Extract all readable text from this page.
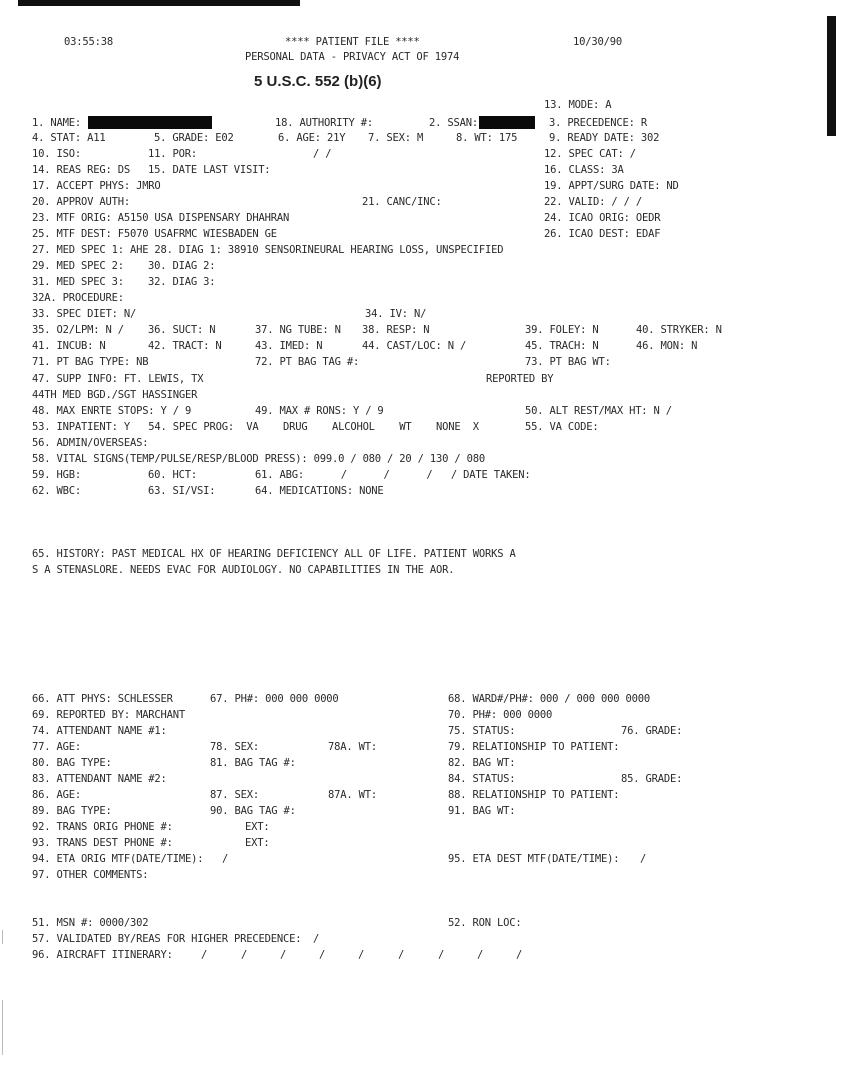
03:55:38	**** PATIENT FILE ****	10/30/90
PERSONAL DATA - PRIVACY ACT OF 1974
5 U.S.C. 552 (b)(6)
13. MODE: A
1. NAME:	18. AUTHORITY #:	2. SSAN:	3. PRECEDENCE: R
4. STAT: A11	5. GRADE: E02	6. AGE: 21Y 7. SEX: M	8. WT: 175	9. READY DATE: 302
10. ISO:	11. POR:	/ /	12. SPEC CAT: /
14. REAS REG: DS 15. DATE LAST VISIT:	16. CLASS: 3A
17. ACCEPT PHYS: JMRO	19. APPT/SURG DATE: ND
20. APPROV AUTH:	21. CANC/INC:	22. VALID: / / /
23. MTF ORIG: A5150 USA DISPENSARY DHAHRAN	24. ICAO ORIG: OEDR
25. MTF DEST: F5070 USAFRMC WIESBADEN GE	26. ICAO DEST: EDAF
27. MED SPEC 1: AHE 28. DIAG 1: 38910 SENSORINEURAL HEARING LOSS, UNSPECIFIED
29. MED SPEC 2: 30. DIAG 2:
31. MED SPEC 3: 32. DIAG 3:
32A. PROCEDURE:
33. SPEC DIET: N/	34. IV: N/
35. O2/LPM: N / 36. SUCT: N	37. NG TUBE: N 38. RESP: N	39. FOLEY: N	40. STRYKER: N
41. INCUB: N	42. TRACT: N	43. IMED: N	44. CAST/LOC: N /	45. TRACH: N	46. MON: N
71. PT BAG TYPE: NB	72. PT BAG TAG #:	73. PT BAG WT:
47. SUPP INFO: FT. LEWIS, TX	REPORTED BY
44TH MED BGD./SGT HASSINGER
48. MAX ENRTE STOPS: Y / 9	49. MAX # RONS: Y / 9	50. ALT REST/MAX HT: N /
53. INPATIENT: Y   54. SPEC PROG:  VA    DRUG    ALCOHOL    WT    NONE  X	55. VA CODE:
56. ADMIN/OVERSEAS:
58. VITAL SIGNS(TEMP/PULSE/RESP/BLOOD PRESS): 099.0 / 080 / 20 / 130 / 080
59. HGB:	60. HCT:	61. ABG:      /      /      /   / DATE TAKEN:
62. WBC:	63. SI/VSI:	64. MEDICATIONS: NONE
65. HISTORY: PAST MEDICAL HX OF HEARING DEFICIENCY ALL OF LIFE. PATIENT WORKS A
S A STENASLORE. NEEDS EVAC FOR AUDIOLOGY. NO CAPABILITIES IN THE AOR.
66. ATT PHYS: SCHLESSER	67. PH#: 000 000 0000	68. WARD#/PH#: 000 / 000 000 0000
69. REPORTED BY: MARCHANT	70. PH#: 000 0000
74. ATTENDANT NAME #1:	75. STATUS:	76. GRADE:
77. AGE:	78. SEX:	78A. WT:	79. RELATIONSHIP TO PATIENT:
80. BAG TYPE:	81. BAG TAG #:	82. BAG WT:
83. ATTENDANT NAME #2:	84. STATUS:	85. GRADE:
86. AGE:	87. SEX:	87A. WT:	88. RELATIONSHIP TO PATIENT:
89. BAG TYPE:	90. BAG TAG #:	91. BAG WT:
92. TRANS ORIG PHONE #:	EXT:
93. TRANS DEST PHONE #:	EXT:
94. ETA ORIG MTF(DATE/TIME): /	95. ETA DEST MTF(DATE/TIME): /
97. OTHER COMMENTS:
51. MSN #: 0000/302	52. RON LOC:
57. VALIDATED BY/REAS FOR HIGHER PRECEDENCE: /
96. AIRCRAFT ITINERARY:	/	/	/	/	/	/	/	/	/
